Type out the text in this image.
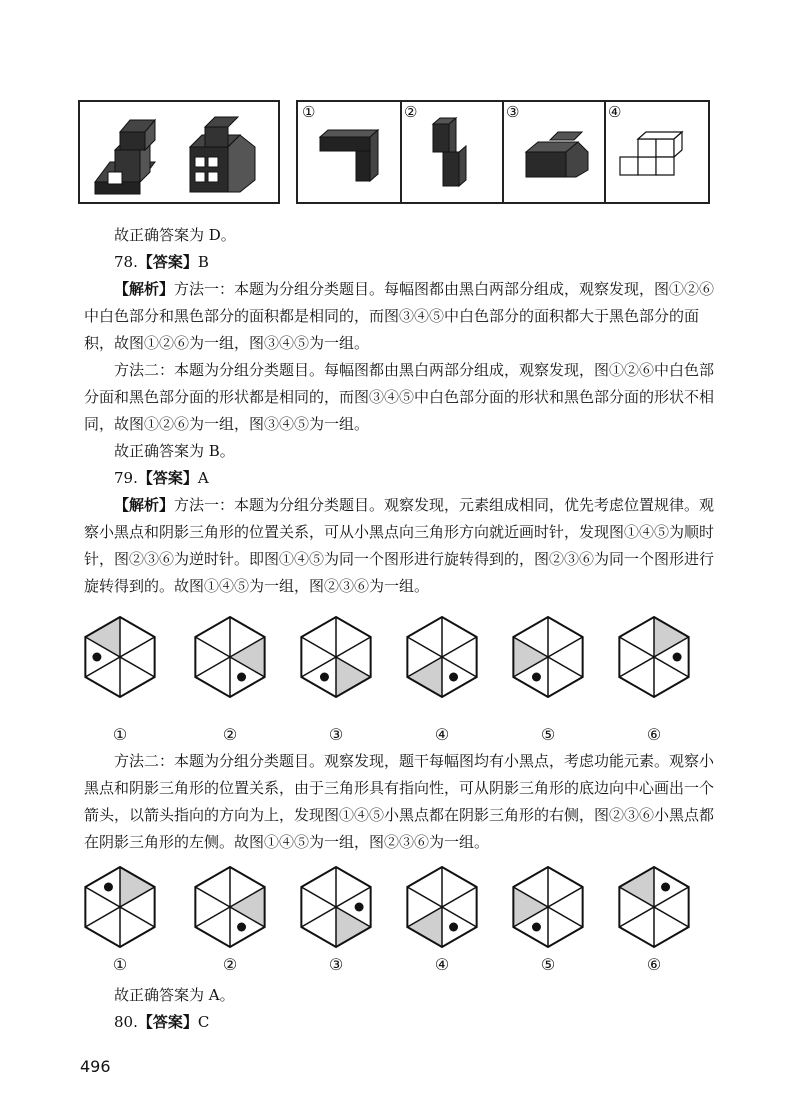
①	②	③	④

故正确答案为 D。

78.【答案】B

【解析】方法一：本题为分组分类题目。每幅图都由黑白两部分组成，观察发现，图①②⑥中白色部分和黑色部分的面积都是相同的，而图③④⑤中白色部分的面积都大于黑色部分的面积，故图①②⑥为一组，图③④⑤为一组。

方法二：本题为分组分类题目。每幅图都由黑白两部分组成，观察发现，图①②⑥中白色部分面和黑色部分面的形状都是相同的，而图③④⑤中白色部分面的形状和黑色部分面的形状不相同，故图①②⑥为一组，图③④⑤为一组。

故正确答案为 B。

79.【答案】A

【解析】方法一：本题为分组分类题目。观察发现，元素组成相同，优先考虑位置规律。观察小黑点和阴影三角形的位置关系，可从小黑点向三角形方向就近画时针，发现图①④⑤为顺时针，图②③⑥为逆时针。即图①④⑤为同一个图形进行旋转得到的，图②③⑥为同一个图形进行旋转得到的。故图①④⑤为一组，图②③⑥为一组。

①	②	③	④	⑤	⑥

方法二：本题为分组分类题目。观察发现，题干每幅图均有小黑点，考虑功能元素。观察小黑点和阴影三角形的位置关系，由于三角形具有指向性，可从阴影三角形的底边向中心画出一个箭头，以箭头指向的方向为上，发现图①④⑤小黑点都在阴影三角形的右侧，图②③⑥小黑点都在阴影三角形的左侧。故图①④⑤为一组，图②③⑥为一组。

①	②	③	④	⑤	⑥

故正确答案为 A。

80.【答案】C

496
